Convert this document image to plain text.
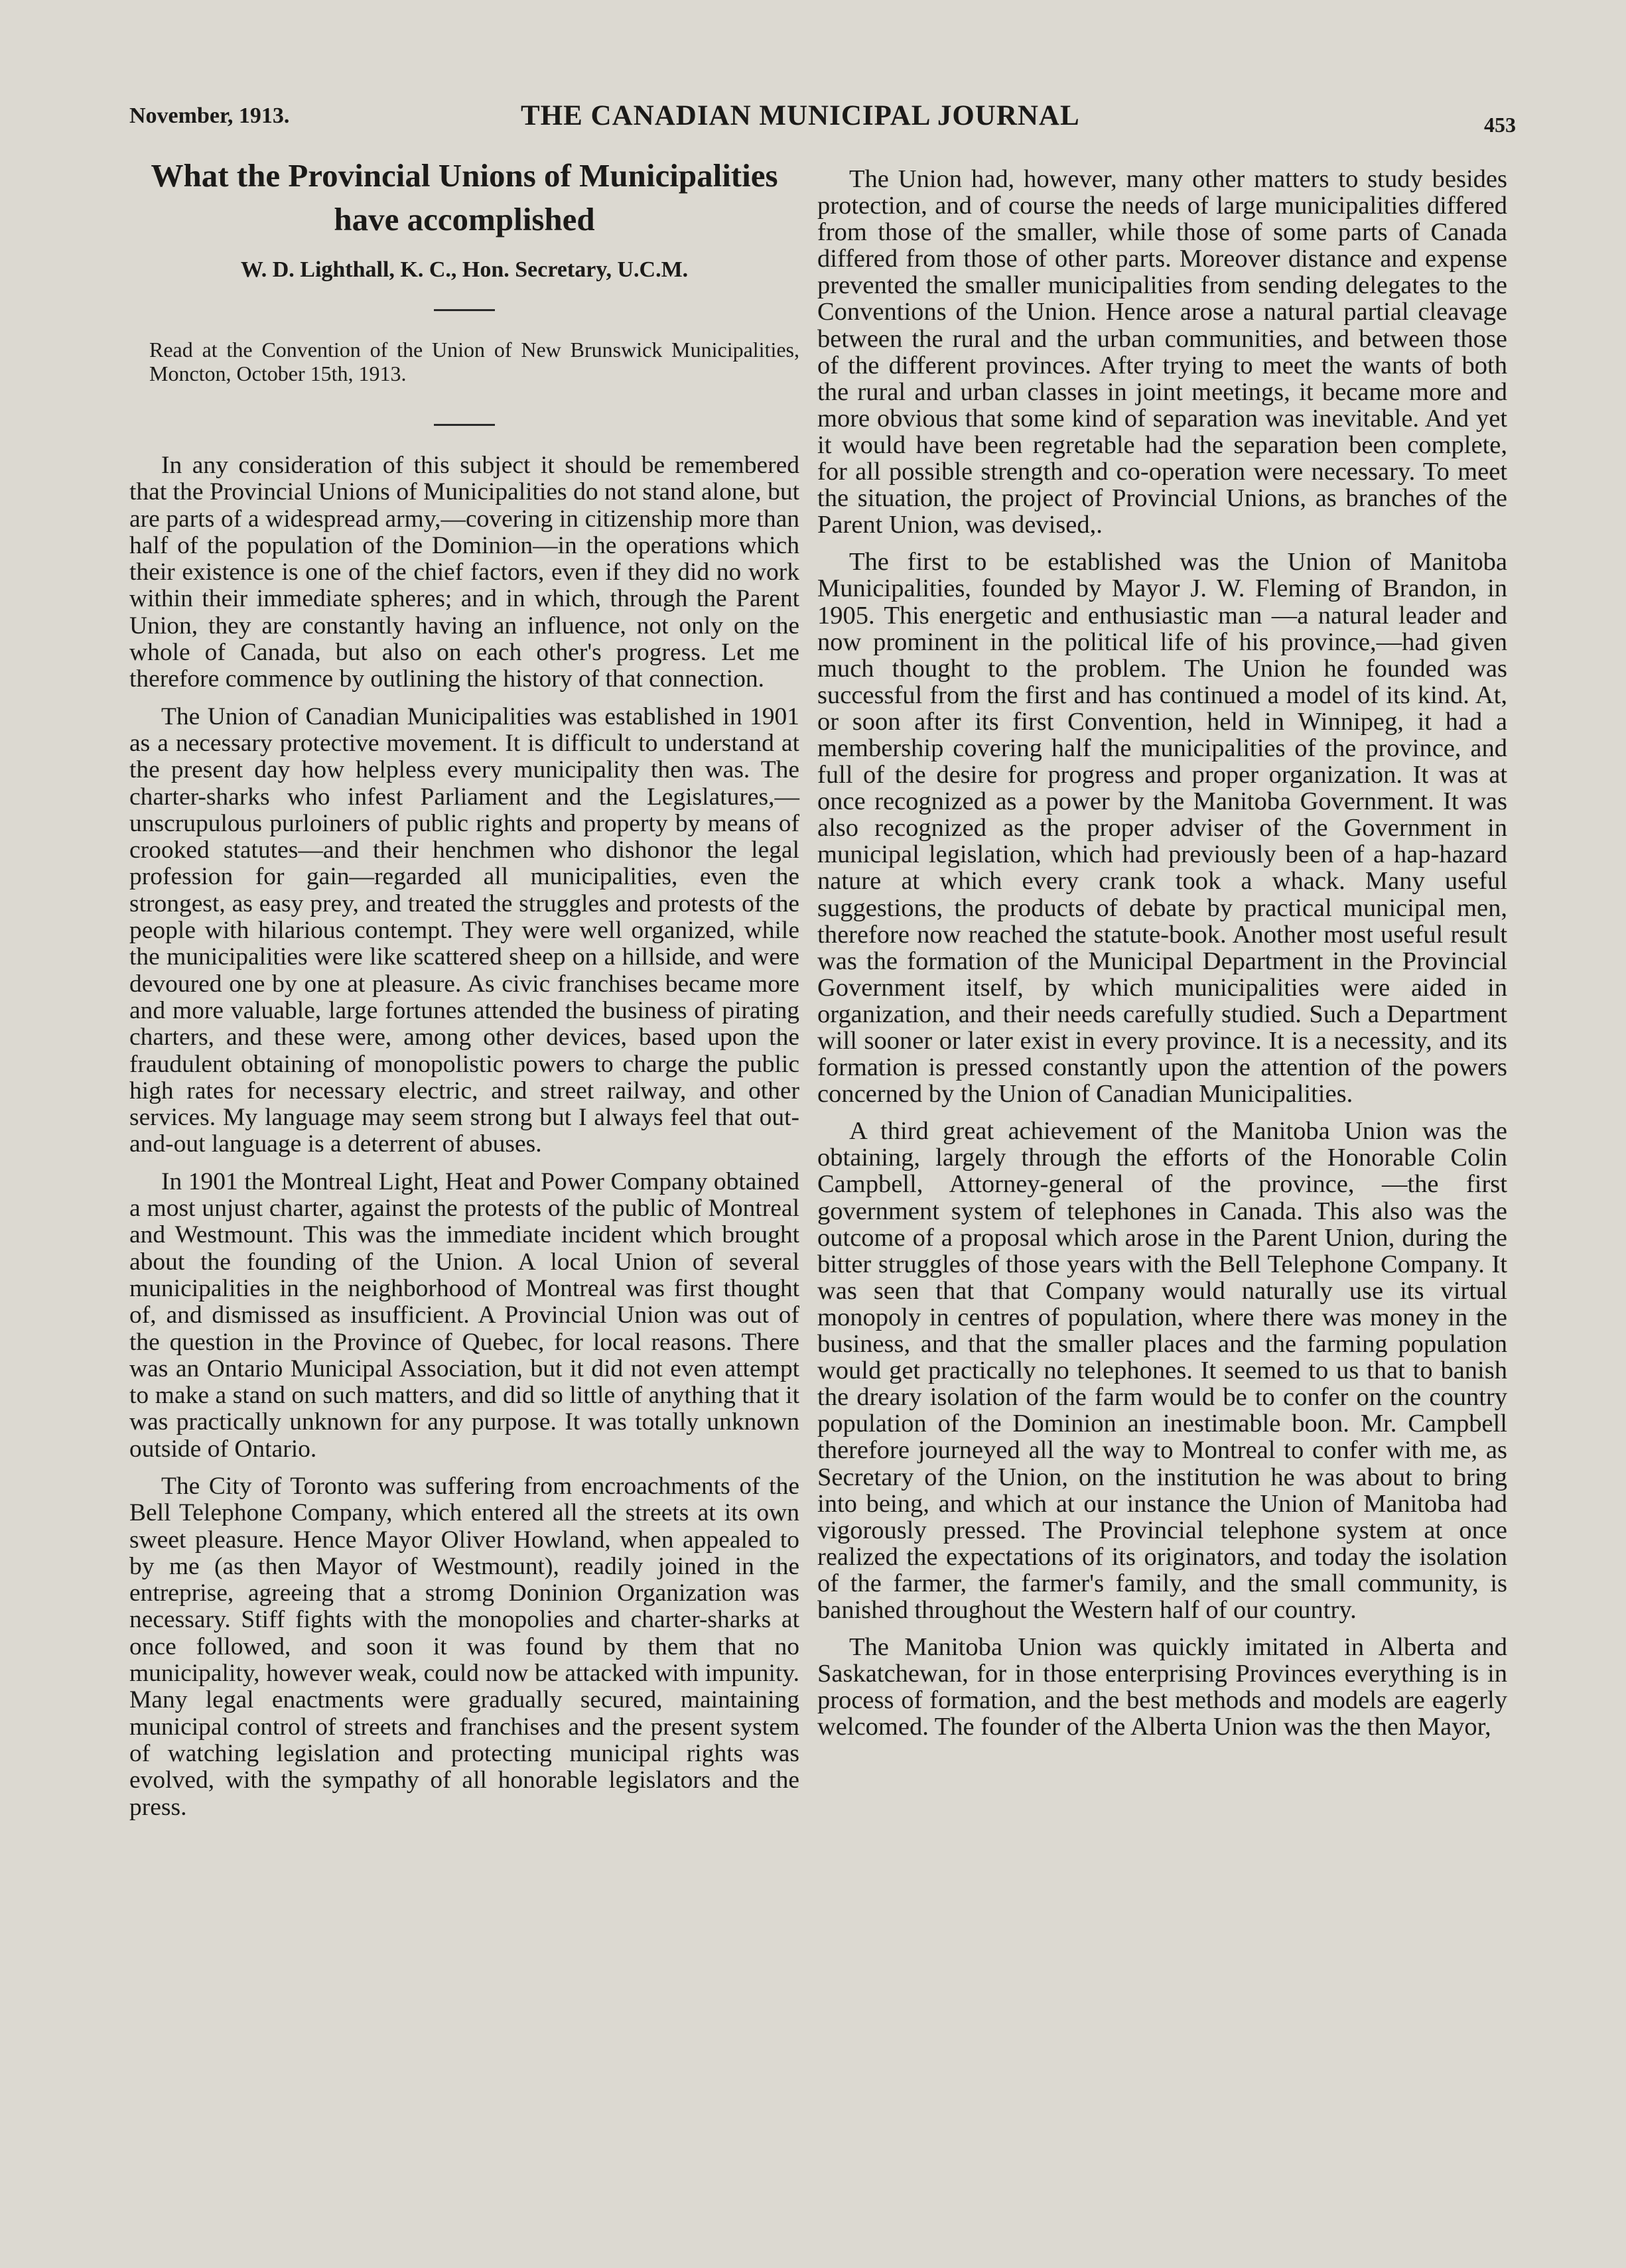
November, 1913.	THE CANADIAN MUNICIPAL JOURNAL	453
What the Provincial Unions of Municipalities have accomplished
W. D. Lighthall, K. C., Hon. Secretary, U.C.M.
Read at the Convention of the Union of New Brunswick Municipalities, Moncton, October 15th, 1913.

In any consideration of this subject it should be remembered that the Provincial Unions of Municipalities do not stand alone, but are parts of a widespread army,—covering in citizenship more than half of the population of the Dominion—in the operations which their existence is one of the chief factors, even if they did no work within their immediate spheres; and in which, through the Parent Union, they are constantly having an influence, not only on the whole of Canada, but also on each other's progress. Let me therefore commence by outlining the history of that connection.

The Union of Canadian Municipalities was established in 1901 as a necessary protective movement. It is difficult to understand at the present day how helpless every municipality then was. The charter-sharks who infest Parliament and the Legislatures,—unscrupulous purloiners of public rights and property by means of crooked statutes—and their henchmen who dishonor the legal profession for gain—regarded all municipalities, even the strongest, as easy prey, and treated the struggles and protests of the people with hilarious contempt. They were well organized, while the municipalities were like scattered sheep on a hillside, and were devoured one by one at pleasure. As civic franchises became more and more valuable, large fortunes attended the business of pirating charters, and these were, among other devices, based upon the fraudulent obtaining of monopolistic powers to charge the public high rates for necessary electric, and street railway, and other services. My language may seem strong but I always feel that out-and-out language is a deterrent of abuses.

In 1901 the Montreal Light, Heat and Power Company obtained a most unjust charter, against the protests of the public of Montreal and Westmount. This was the immediate incident which brought about the founding of the Union. A local Union of several municipalities in the neighborhood of Montreal was first thought of, and dismissed as insufficient. A Provincial Union was out of the question in the Province of Quebec, for local reasons. There was an Ontario Municipal Association, but it did not even attempt to make a stand on such matters, and did so little of anything that it was practically unknown for any purpose. It was totally unknown outside of Ontario.

The City of Toronto was suffering from encroachments of the Bell Telephone Company, which entered all the streets at its own sweet pleasure. Hence Mayor Oliver Howland, when appealed to by me (as then Mayor of Westmount), readily joined in the entreprise, agreeing that a stromg Doninion Organization was necessary. Stiff fights with the monopolies and charter-sharks at once followed, and soon it was found by them that no municipality, however weak, could now be attacked with impunity. Many legal enactments were gradually secured, maintaining municipal control of streets and franchises and the present system of watching legislation and protecting municipal rights was evolved, with the sympathy of all honorable legislators and the press.

The Union had, however, many other matters to study besides protection, and of course the needs of large municipalities differed from those of the smaller, while those of some parts of Canada differed from those of other parts. Moreover distance and expense prevented the smaller municipalities from sending delegates to the Conventions of the Union. Hence arose a natural partial cleavage between the rural and the urban communities, and between those of the different provinces. After trying to meet the wants of both the rural and urban classes in joint meetings, it became more and more obvious that some kind of separation was inevitable. And yet it would have been regretable had the separation been complete, for all possible strength and co-operation were necessary. To meet the situation, the project of Provincial Unions, as branches of the Parent Union, was devised,.

The first to be established was the Union of Manitoba Municipalities, founded by Mayor J. W. Fleming of Brandon, in 1905. This energetic and enthusiastic man —a natural leader and now prominent in the political life of his province,—had given much thought to the problem. The Union he founded was successful from the first and has continued a model of its kind. At, or soon after its first Convention, held in Winnipeg, it had a membership covering half the municipalities of the province, and full of the desire for progress and proper organization. It was at once recognized as a power by the Manitoba Government. It was also recognized as the proper adviser of the Government in municipal legislation, which had previously been of a hap-hazard nature at which every crank took a whack. Many useful suggestions, the products of debate by practical municipal men, therefore now reached the statute-book. Another most useful result was the formation of the Municipal Department in the Provincial Government itself, by which municipalities were aided in organization, and their needs carefully studied. Such a Department will sooner or later exist in every province. It is a necessity, and its formation is pressed constantly upon the attention of the powers concerned by the Union of Canadian Municipalities.

A third great achievement of the Manitoba Union was the obtaining, largely through the efforts of the Honorable Colin Campbell, Attorney-general of the province, —the first government system of telephones in Canada. This also was the outcome of a proposal which arose in the Parent Union, during the bitter struggles of those years with the Bell Telephone Company. It was seen that that Company would naturally use its virtual monopoly in centres of population, where there was money in the business, and that the smaller places and the farming population would get practically no telephones. It seemed to us that to banish the dreary isolation of the farm would be to confer on the country population of the Dominion an inestimable boon. Mr. Campbell therefore journeyed all the way to Montreal to confer with me, as Secretary of the Union, on the institution he was about to bring into being, and which at our instance the Union of Manitoba had vigorously pressed. The Provincial telephone system at once realized the expectations of its originators, and today the isolation of the farmer, the farmer's family, and the small community, is banished throughout the Western half of our country.

The Manitoba Union was quickly imitated in Alberta and Saskatchewan, for in those enterprising Provinces everything is in process of formation, and the best methods and models are eagerly welcomed. The founder of the Alberta Union was the then Mayor,
